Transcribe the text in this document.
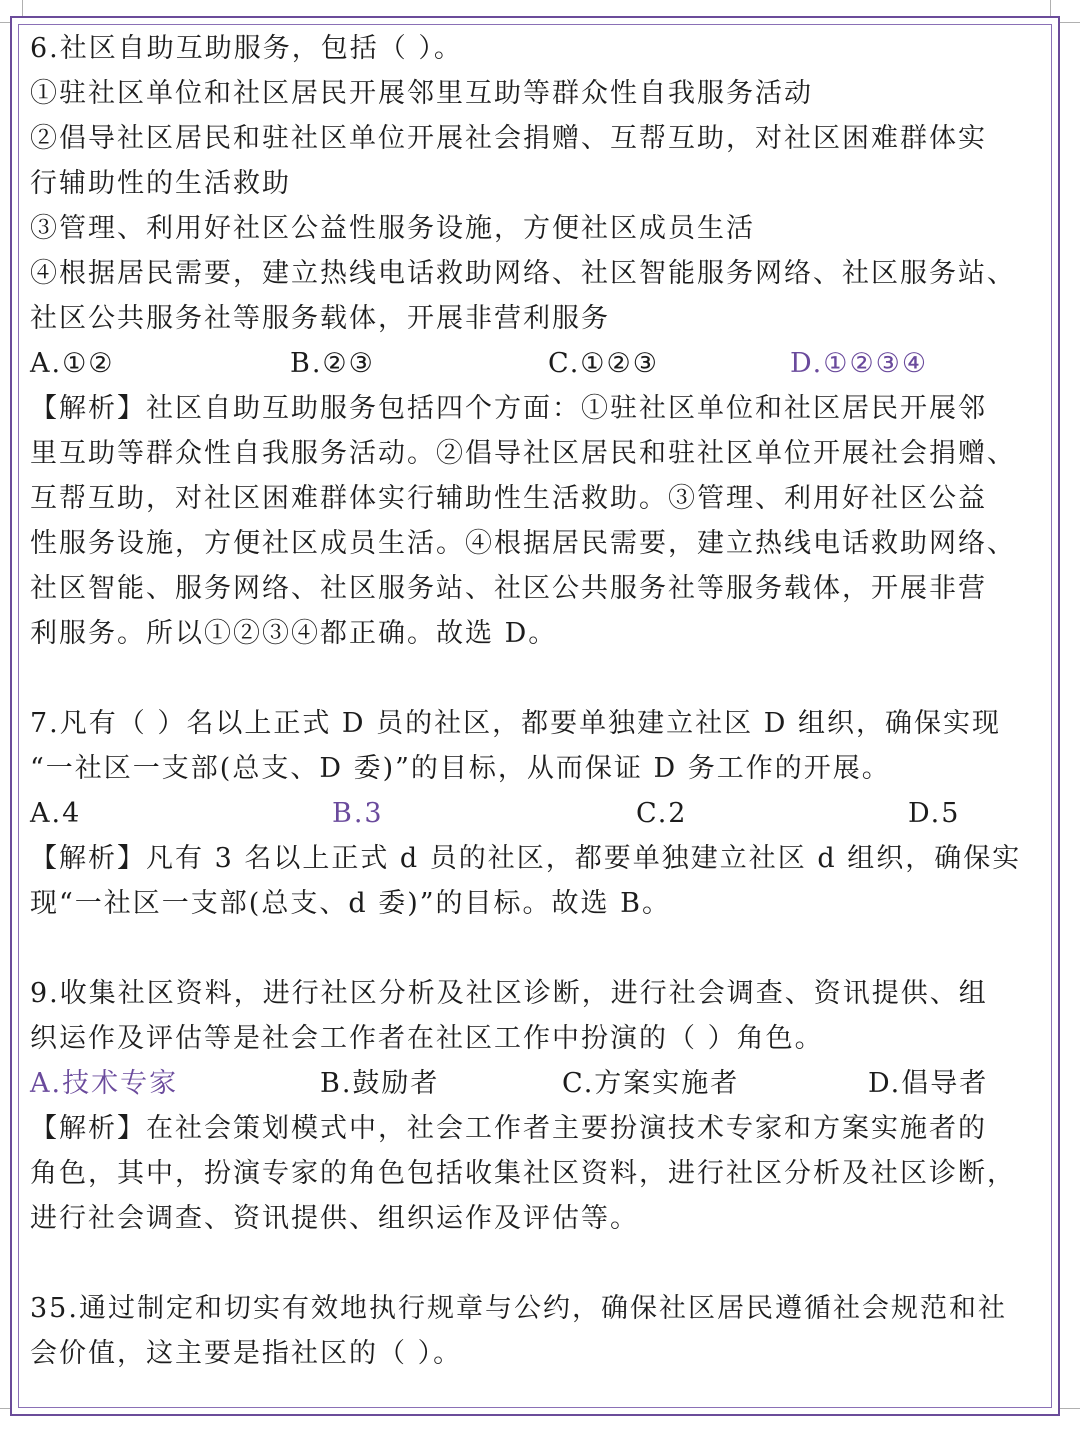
6.社区自助互助服务，包括（ ）。
①驻社区单位和社区居民开展邻里互助等群众性自我服务活动
②倡导社区居民和驻社区单位开展社会捐赠、互帮互助，对社区困难群体实
行辅助性的生活救助
③管理、利用好社区公益性服务设施，方便社区成员生活
④根据居民需要，建立热线电话救助网络、社区智能服务网络、社区服务站、
社区公共服务社等服务载体，开展非营利服务
A.①②	B.②③	C.①②③	D.①②③④
【解析】社区自助互助服务包括四个方面：①驻社区单位和社区居民开展邻
里互助等群众性自我服务活动。②倡导社区居民和驻社区单位开展社会捐赠、
互帮互助，对社区困难群体实行辅助性生活救助。③管理、利用好社区公益
性服务设施，方便社区成员生活。④根据居民需要，建立热线电话救助网络、
社区智能、服务网络、社区服务站、社区公共服务社等服务载体，开展非营
利服务。所以①②③④都正确。故选 D。
7.凡有（ ）名以上正式 D 员的社区，都要单独建立社区 D 组织，确保实现
“一社区一支部(总支、D 委)”的目标，从而保证 D 务工作的开展。
A.4	B.3	C.2	D.5
【解析】凡有 3 名以上正式 d 员的社区，都要单独建立社区 d 组织，确保实
现“一社区一支部(总支、d 委)”的目标。故选 B。
9.收集社区资料，进行社区分析及社区诊断，进行社会调查、资讯提供、组
织运作及评估等是社会工作者在社区工作中扮演的（ ）角色。
A.技术专家	B.鼓励者	C.方案实施者	D.倡导者
【解析】在社会策划模式中，社会工作者主要扮演技术专家和方案实施者的
角色，其中，扮演专家的角色包括收集社区资料，进行社区分析及社区诊断，
进行社会调查、资讯提供、组织运作及评估等。
35.通过制定和切实有效地执行规章与公约，确保社区居民遵循社会规范和社
会价值，这主要是指社区的（ ）。
